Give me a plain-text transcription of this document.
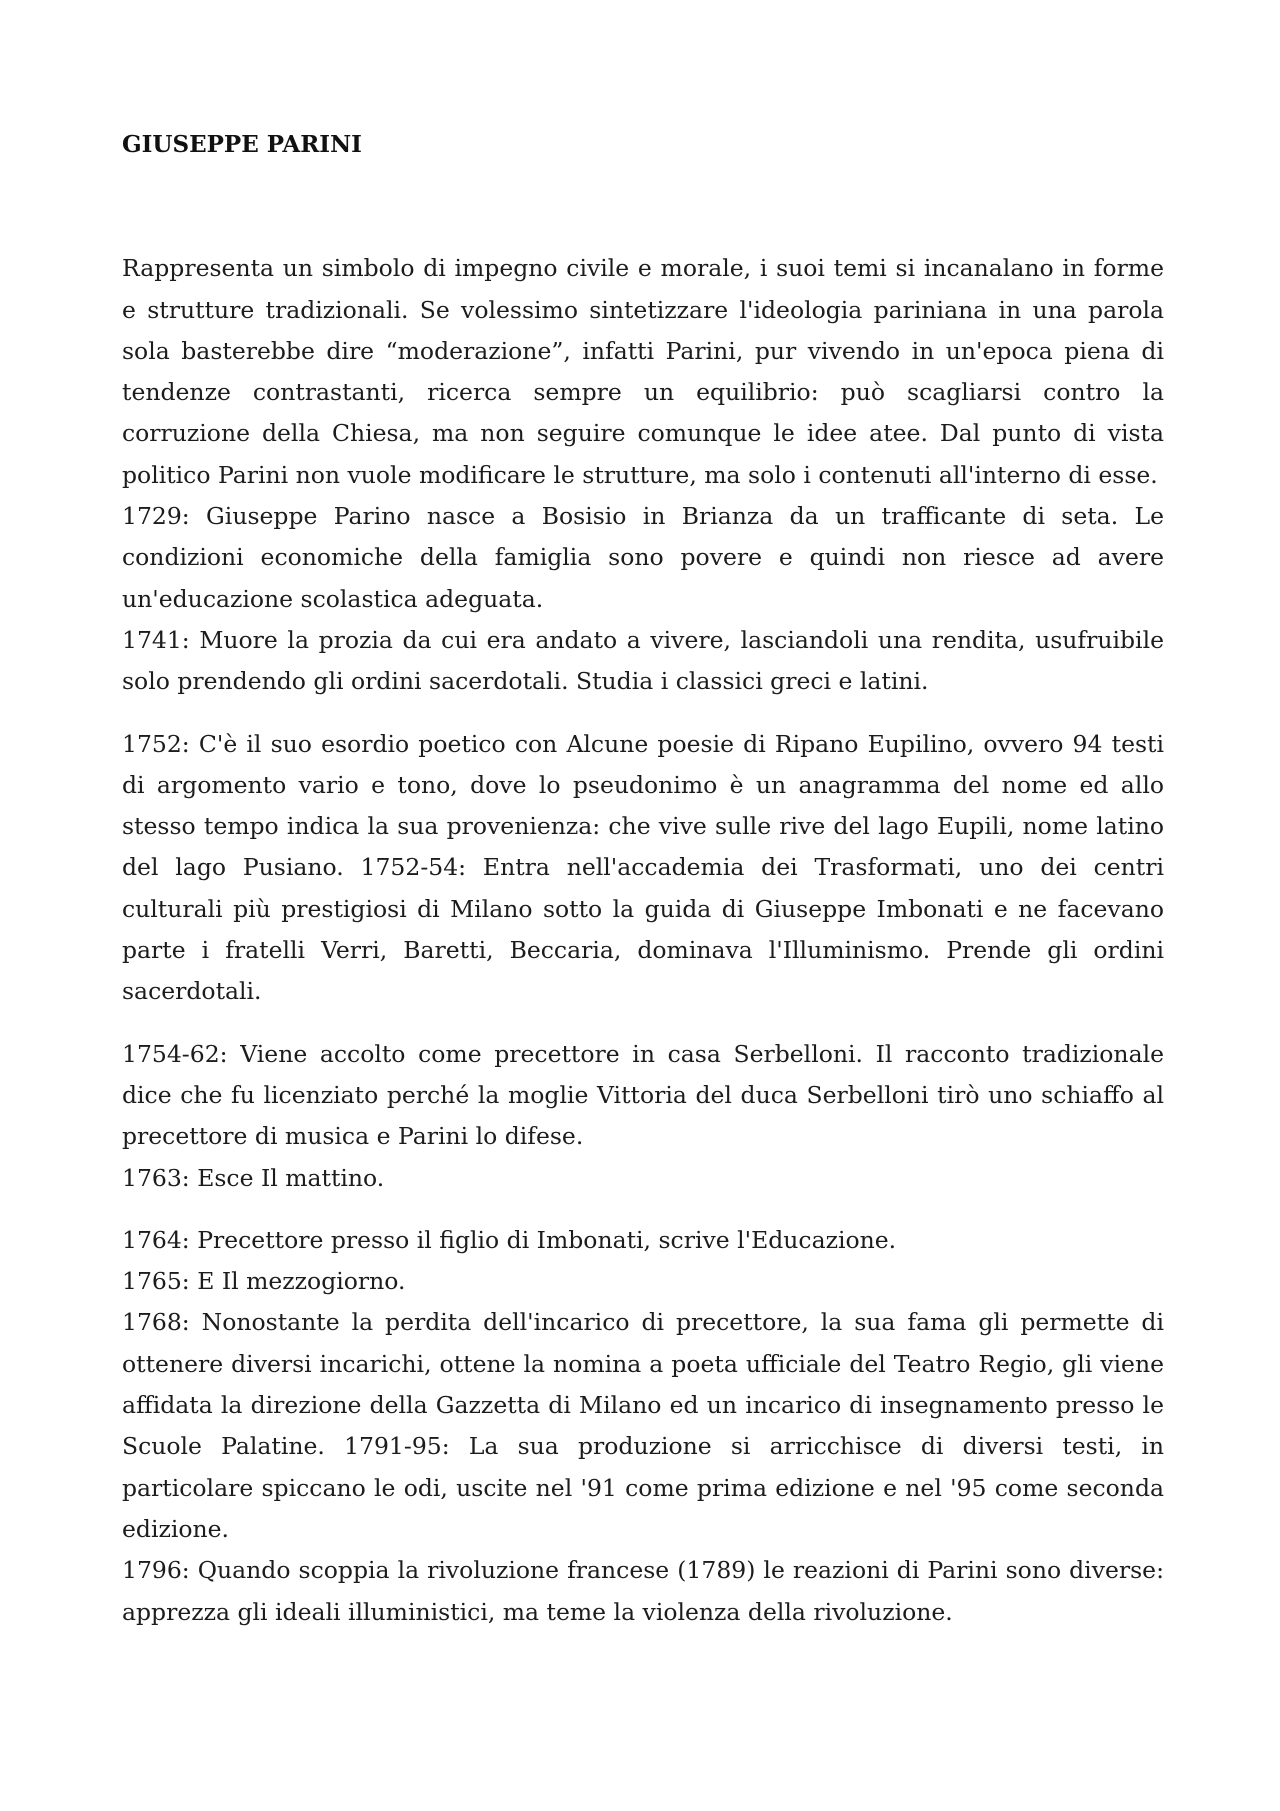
GIUSEPPE PARINI

Rappresenta un simbolo di impegno civile e morale, i suoi temi si incanalano in forme e strutture tradizionali. Se volessimo sintetizzare l'ideologia pariniana in una parola sola basterebbe dire “moderazione”, infatti Parini, pur vivendo in un'epoca piena di tendenze contrastanti, ricerca sempre un equilibrio: può scagliarsi contro la corruzione della Chiesa, ma non seguire comunque le idee atee. Dal punto di vista politico Parini non vuole modificare le strutture, ma solo i contenuti all'interno di esse.

1729: Giuseppe Parino nasce a Bosisio in Brianza da un trafficante di seta. Le condizioni economiche della famiglia sono povere e quindi non riesce ad avere un'educazione scolastica adeguata.

1741: Muore la prozia da cui era andato a vivere, lasciandoli una rendita, usufruibile solo prendendo gli ordini sacerdotali. Studia i classici greci e latini.

1752: C'è il suo esordio poetico con Alcune poesie di Ripano Eupilino, ovvero 94 testi di argomento vario e tono, dove lo pseudonimo è un anagramma del nome ed allo stesso tempo indica la sua provenienza: che vive sulle rive del lago Eupili, nome latino del lago Pusiano. 1752-54: Entra nell'accademia dei Trasformati, uno dei centri culturali più prestigiosi di Milano sotto la guida di Giuseppe Imbonati e ne facevano parte i fratelli Verri, Baretti, Beccaria, dominava l'Illuminismo. Prende gli ordini sacerdotali.

1754-62: Viene accolto come precettore in casa Serbelloni. Il racconto tradizionale dice che fu licenziato perché la moglie Vittoria del duca Serbelloni tirò uno schiaffo al precettore di musica e Parini lo difese.

1763: Esce Il mattino.

1764: Precettore presso il figlio di Imbonati, scrive l'Educazione.

1765: E Il mezzogiorno.

1768: Nonostante la perdita dell'incarico di precettore, la sua fama gli permette di ottenere diversi incarichi, ottene la nomina a poeta ufficiale del Teatro Regio, gli viene affidata la direzione della Gazzetta di Milano ed un incarico di insegnamento presso le Scuole Palatine. 1791-95: La sua produzione si arricchisce di diversi testi, in particolare spiccano le odi, uscite nel '91 come prima edizione e nel '95 come seconda edizione.

1796: Quando scoppia la rivoluzione francese (1789) le reazioni di Parini sono diverse: apprezza gli ideali illuministici, ma teme la violenza della rivoluzione.
